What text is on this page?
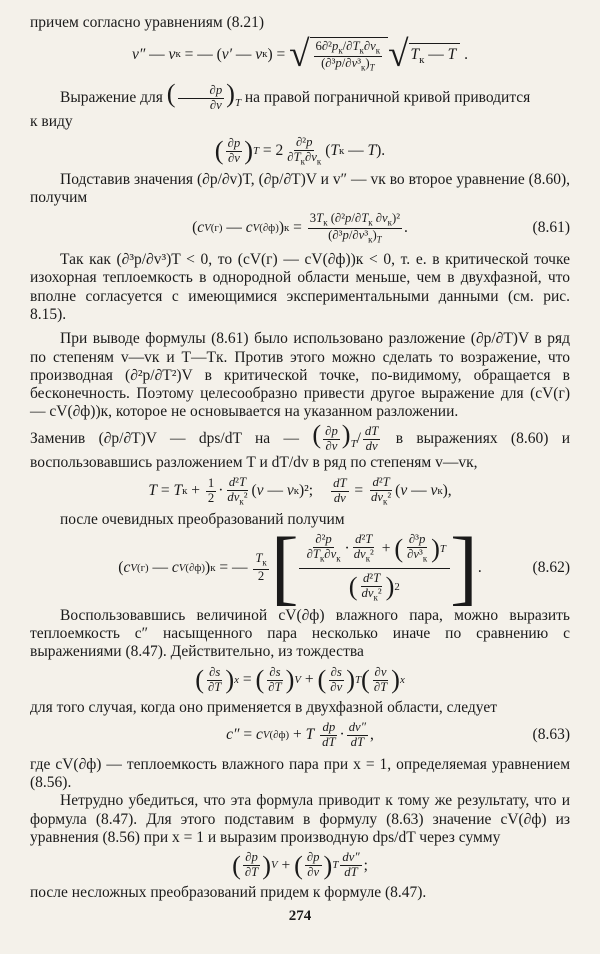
причем согласно уравнениям (8.21)

v″ — v к = — ( v′ — v к ) = √ $\frac{6\partial^2p_к/\partial T_к\partial v_к}{(\partial^3p/\partial v^3_к)_T}$ √ $T_к$ — T .

Выражение для ( $\frac{\partial p}{\partial v} )_T$ на правой пограничной кривой приводится

к виду

( $\frac{\partial p}{\partial v}$ ) $T = 2 \frac{\text{∂²p}}{\partial T_к\partial v_к}$ ( T к — T ).

Подставив значения (∂p/∂v)T, (∂p/∂T)V и v″ — vк во второе уравнение (8.60), получим

( c V (г) — c V (∂ф) ) $к = \frac{3T_к (\partial^2p/\partial T_к \partial v_к)^2}{(\partial^3p/\partial v^3_к)_T}$ .	(8.61)

Так как (∂³p/∂v³)T < 0, то (cV(г) — cV(∂ф))к < 0, т. е. в критической точке изохорная теплоемкость в однородной области меньше, чем в двухфазной, что вполне согласуется с имеющимися экспериментальными данными (см. рис. 8.15).

При выводе формулы (8.61) было использовано разложение (∂p/∂T)V в ряд по степеням v—vк и T—Tк. Против этого можно сделать то возражение, что производная (∂²p/∂T²)V в критической точке, по-видимому, обращается в бесконечность. Поэтому целесообразно привести другое выражение для (cV(г) — cV(∂ф))к, которое не основывается на указанном разложении.

Заменив (∂p/∂T)V — dps/dT на — ( $\frac{\partial p}{\partial v} )_T/ \frac{dT}{dv}$ в выражениях (8.60) и воспользовавшись разложением T и dT/dv в ряд по степеням v—vк,

T = T $к + \frac{1}{2} \cdot \frac{\text{d²T}}{dv_к^2}$ ( v — v к )²; $\frac{dT}{dv} = \frac{\text{d²T}}{dv_к^2}$ ( v — v к ),

после очевидных преобразований получим

( c V (г) — c V (∂ф) ) к = — $\frac{T_к}{2}$ [ $\frac{\text{∂²p}}{\partial T_к\partial v_к} \cdot \frac{\text{d²T}}{dv_к^2}$ + ( $\frac{\text{∂³p}}{\partial v^3_к}$ ) T
( $\frac{\text{d²T}}{dv_к^2}$ ) 2 ] .	(8.62)

Воспользовавшись величиной cV(∂ф) влажного пара, можно выразить теплоемкость c″ насыщенного пара несколько иначе по сравнению с выражениями (8.47). Действительно, из тождества

( $\frac{\partial s}{\partial T}$ ) x = ( $\frac{\partial s}{\partial T}$ ) V + ( $\frac{\partial s}{\partial v}$ ) T ( $\frac{\partial v}{\partial T}$ ) x

для того случая, когда оно применяется в двухфазной области, следует

c″ = c V (∂ф) + T
$\frac{dp}{dT} \cdot \frac{dv''}{dT}$ ,	(8.63)

где cV(∂ф) — теплоемкость влажного пара при x = 1, определяемая уравнением (8.56).

Нетрудно убедиться, что эта формула приводит к тому же результату, что и формула (8.47). Для этого подставим в формулу (8.63) значение cV(∂ф) из уравнения (8.56) при x = 1 и выразим производную dps/dT через сумму

( $\frac{\partial p}{\partial T}$ ) V + ( $\frac{\partial p}{\partial v}$ ) T $\frac{dv''}{dT}$ ;

после несложных преобразований придем к формуле (8.47).

274
